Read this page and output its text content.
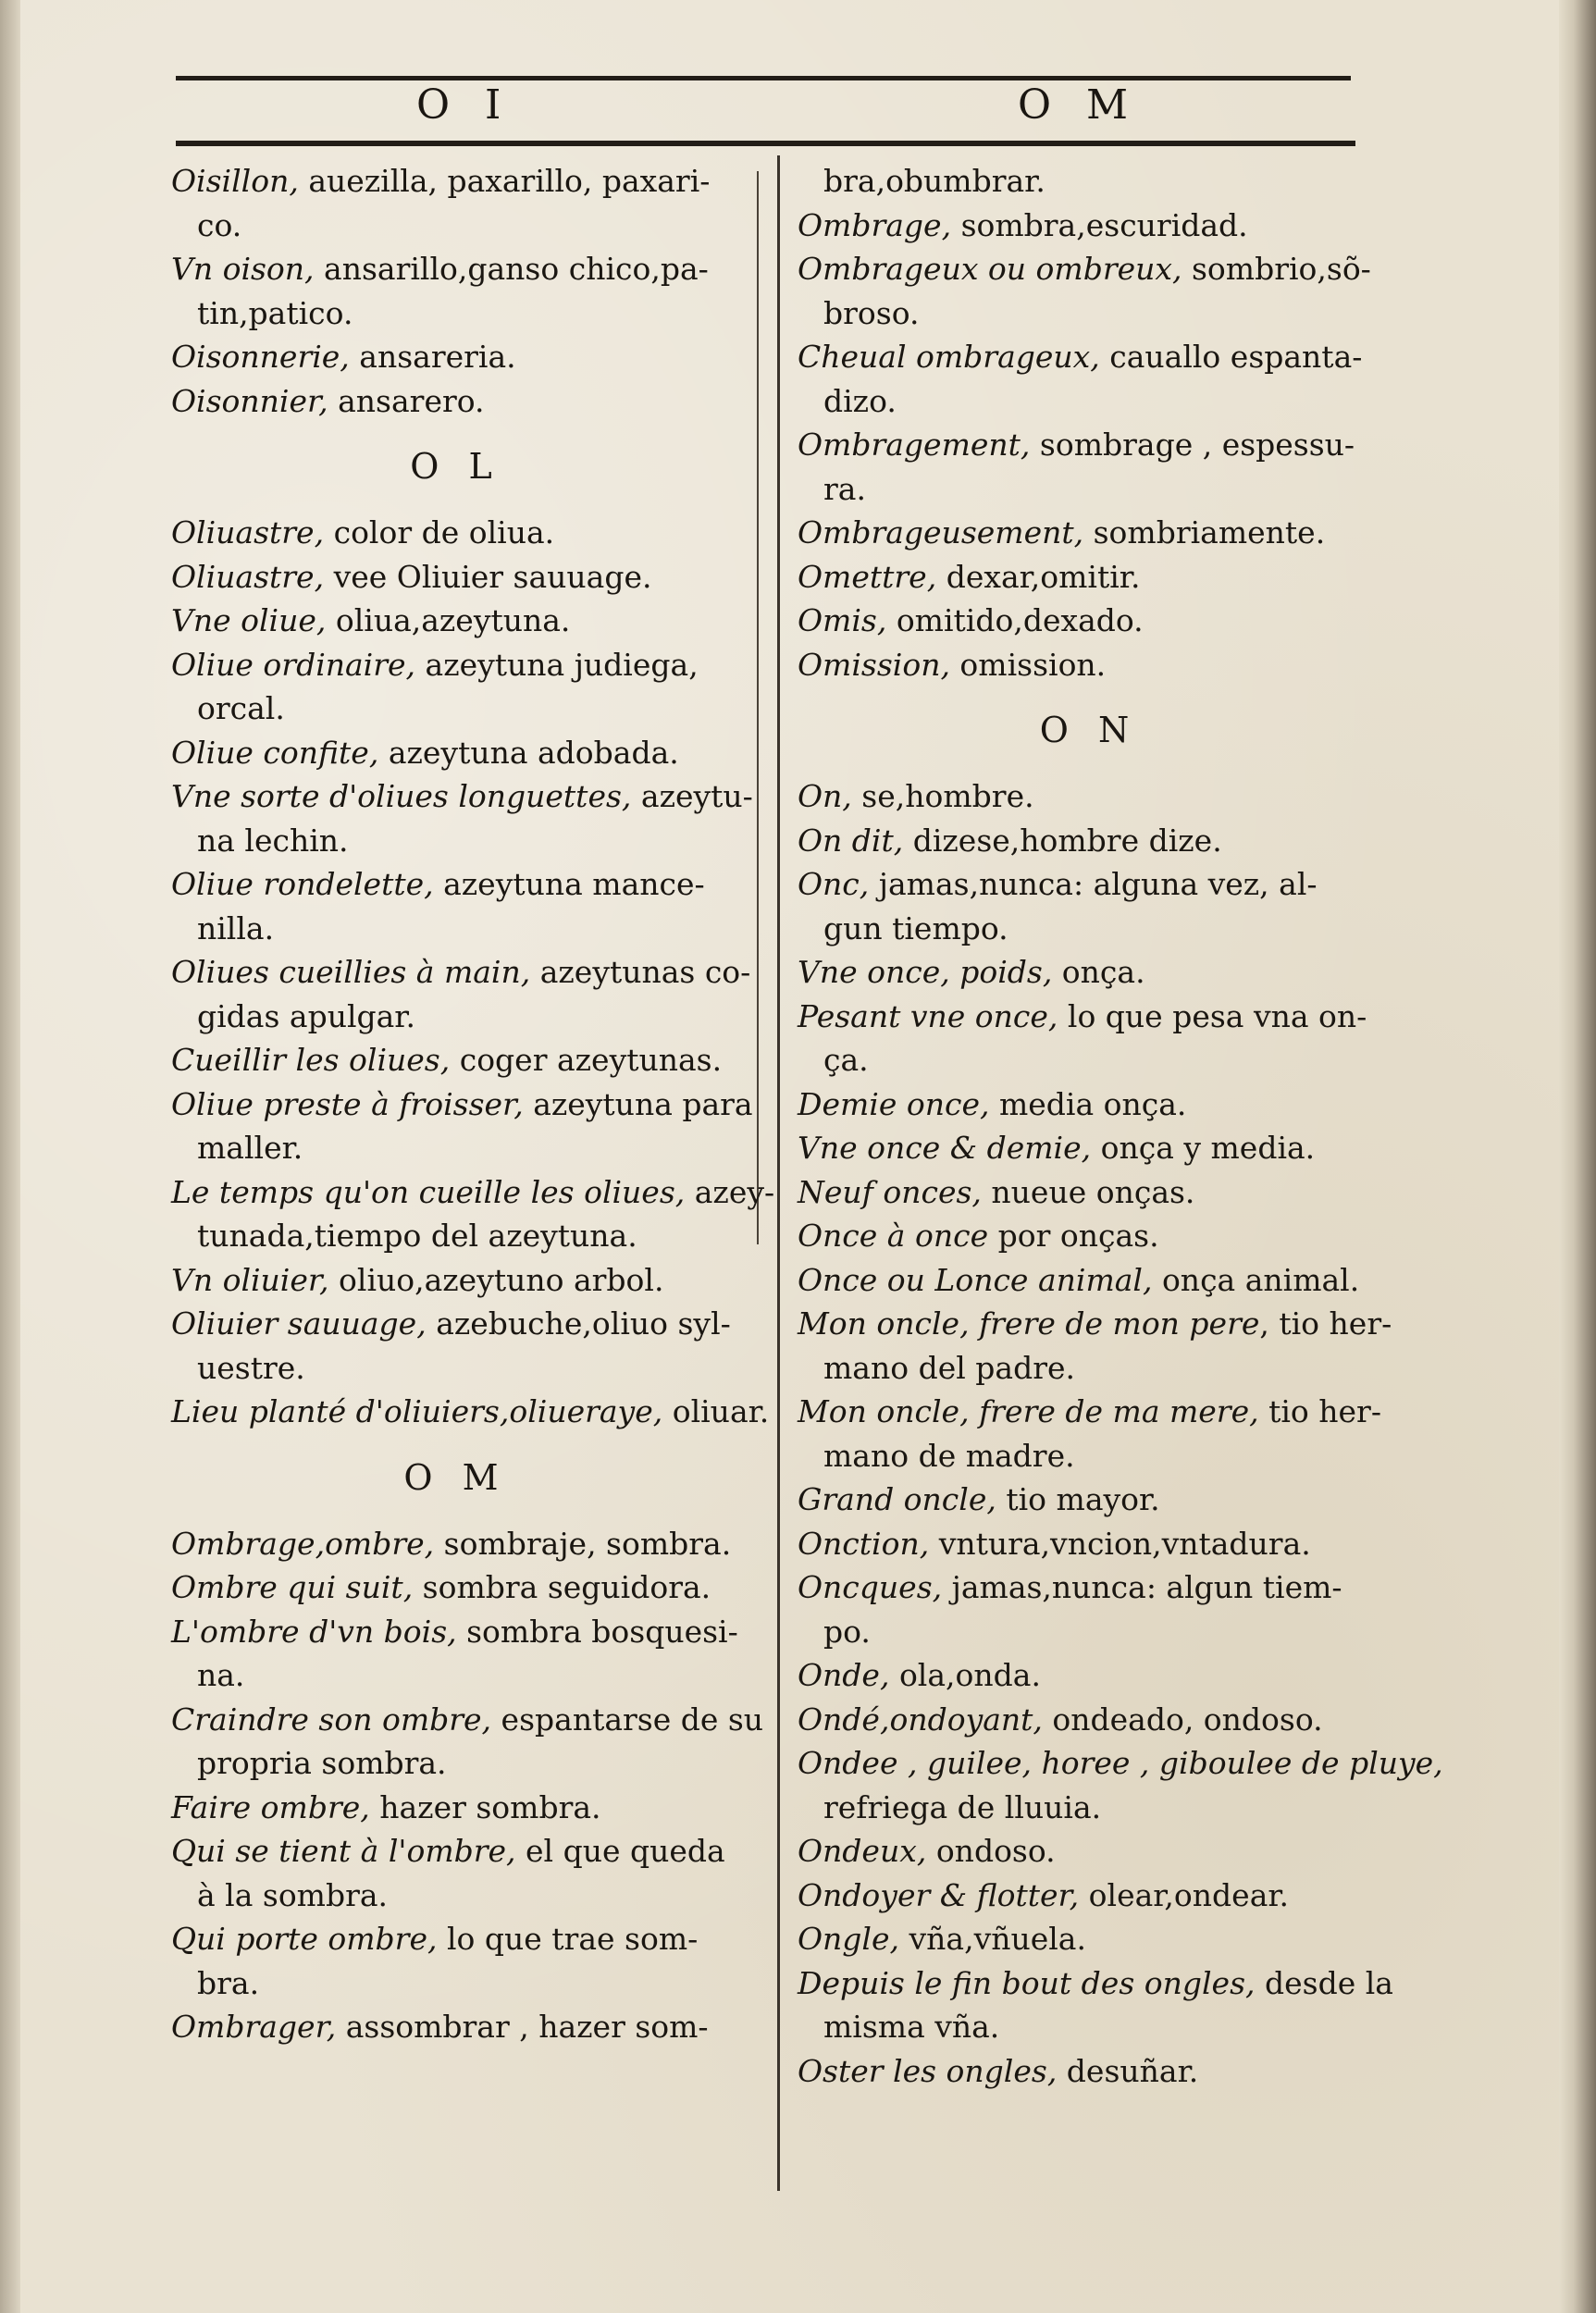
O I	O M
Oisillon, auezilla, paxarillo, paxari-
co.
Vn oison, ansarillo,ganso chico,pa-
tin,patico.
Oisonnerie, ansareria.
Oisonnier, ansarero.
O L
Oliuastre, color de oliua.
Oliuastre, vee Oliuier sauuage.
Vne oliue, oliua,azeytuna.
Oliue ordinaire, azeytuna judiega,
orcal.
Oliue confite, azeytuna adobada.
Vne sorte d'oliues longuettes, azeytu-
na lechin.
Oliue rondelette, azeytuna mance-
nilla.
Oliues cueillies à main, azeytunas co-
gidas apulgar.
Cueillir les oliues, coger azeytunas.
Oliue preste à froisser, azeytuna para
maller.
Le temps qu'on cueille les oliues, azey-
tunada,tiempo del azeytuna.
Vn oliuier, oliuo,azeytuno arbol.
Oliuier sauuage, azebuche,oliuo syl-
uestre.
Lieu planté d'oliuiers,oliueraye, oliuar.
O M
Ombrage,ombre, sombraje, sombra.
Ombre qui suit, sombra seguidora.
L'ombre d'vn bois, sombra bosquesi-
na.
Craindre son ombre, espantarse de su
propria sombra.
Faire ombre, hazer sombra.
Qui se tient à l'ombre, el que queda
à la sombra.
Qui porte ombre, lo que trae som-
bra.
Ombrager, assombrar , hazer som-
bra,obumbrar.
Ombrage, sombra,escuridad.
Ombrageux ou ombreux, sombrio,sõ-
broso.
Cheual ombrageux, cauallo espanta-
dizo.
Ombragement, sombrage , espessu-
ra.
Ombrageusement, sombriamente.
Omettre, dexar,omitir.
Omis, omitido,dexado.
Omission, omission.
O N
On, se,hombre.
On dit, dizese,hombre dize.
Onc, jamas,nunca: alguna vez, al-
gun tiempo.
Vne once, poids, onça.
Pesant vne once, lo que pesa vna on-
ça.
Demie once, media onça.
Vne once & demie, onça y media.
Neuf onces, nueue onças.
Once à once por onças.
Once ou Lonce animal, onça animal.
Mon oncle, frere de mon pere, tio her-
mano del padre.
Mon oncle, frere de ma mere, tio her-
mano de madre.
Grand oncle, tio mayor.
Onction, vntura,vncion,vntadura.
Oncques, jamas,nunca: algun tiem-
po.
Onde, ola,onda.
Ondé,ondoyant, ondeado, ondoso.
Ondee , guilee, horee , giboulee de pluye,
refriega de lluuia.
Ondeux, ondoso.
Ondoyer & flotter, olear,ondear.
Ongle, vña,vñuela.
Depuis le fin bout des ongles, desde la
misma vña.
Oster les ongles, desuñar.
